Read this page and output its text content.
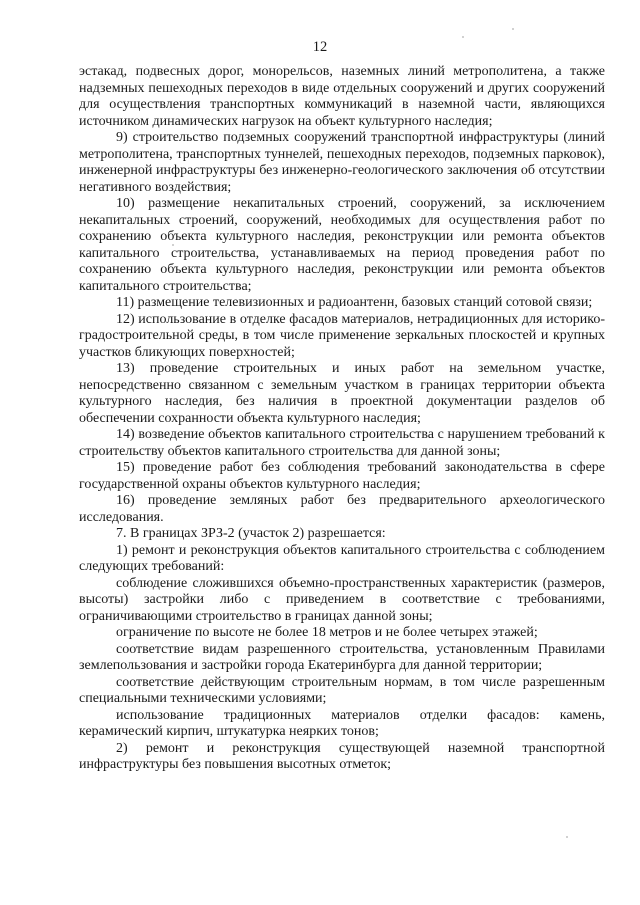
12

эстакад, подвесных дорог, монорельсов, наземных линий метрополитена, а также надземных пешеходных переходов в виде отдельных сооружений и других сооружений для осуществления транспортных коммуникаций в наземной части, являющихся источником динамических нагрузок на объект культурного наследия;

9) строительство подземных сооружений транспортной инфраструктуры (линий метрополитена, транспортных туннелей, пешеходных переходов, подземных парковок), инженерной инфраструктуры без инженерно-геологического заключения об отсутствии негативного воздействия;

10) размещение некапитальных строений, сооружений, за исключением некапитальных строений, сооружений, необходимых для осуществления работ по сохранению объекта культурного наследия, реконструкции или ремонта объектов капитального строительства, устанавливаемых на период проведения работ по сохранению объекта культурного наследия, реконструкции или ремонта объектов капитального строительства;

11) размещение телевизионных и радиоантенн, базовых станций сотовой связи;

12) использование в отделке фасадов материалов, нетрадиционных для историко-градостроительной среды, в том числе применение зеркальных плоскостей и крупных участков бликующих поверхностей;

13) проведение строительных и иных работ на земельном участке, непосредственно связанном с земельным участком в границах территории объекта культурного наследия, без наличия в проектной документации разделов об обеспечении сохранности объекта культурного наследия;

14) возведение объектов капитального строительства с нарушением требований к строительству объектов капитального строительства для данной зоны;

15) проведение работ без соблюдения требований законодательства в сфере государственной охраны объектов культурного наследия;

16) проведение земляных работ без предварительного археологического исследования.

7. В границах ЗРЗ-2 (участок 2) разрешается:

1) ремонт и реконструкция объектов капитального строительства с соблюдением следующих требований:

соблюдение сложившихся объемно-пространственных характеристик (размеров, высоты) застройки либо с приведением в соответствие с требованиями, ограничивающими строительство в границах данной зоны;

ограничение по высоте не более 18 метров и не более четырех этажей;

соответствие видам разрешенного строительства, установленным Правилами землепользования и застройки города Екатеринбурга для данной территории;

соответствие действующим строительным нормам, в том числе разрешенным специальными техническими условиями;

использование традиционных материалов отделки фасадов: камень, керамический кирпич, штукатурка неярких тонов;

2) ремонт и реконструкция существующей наземной транспортной инфраструктуры без повышения высотных отметок;
